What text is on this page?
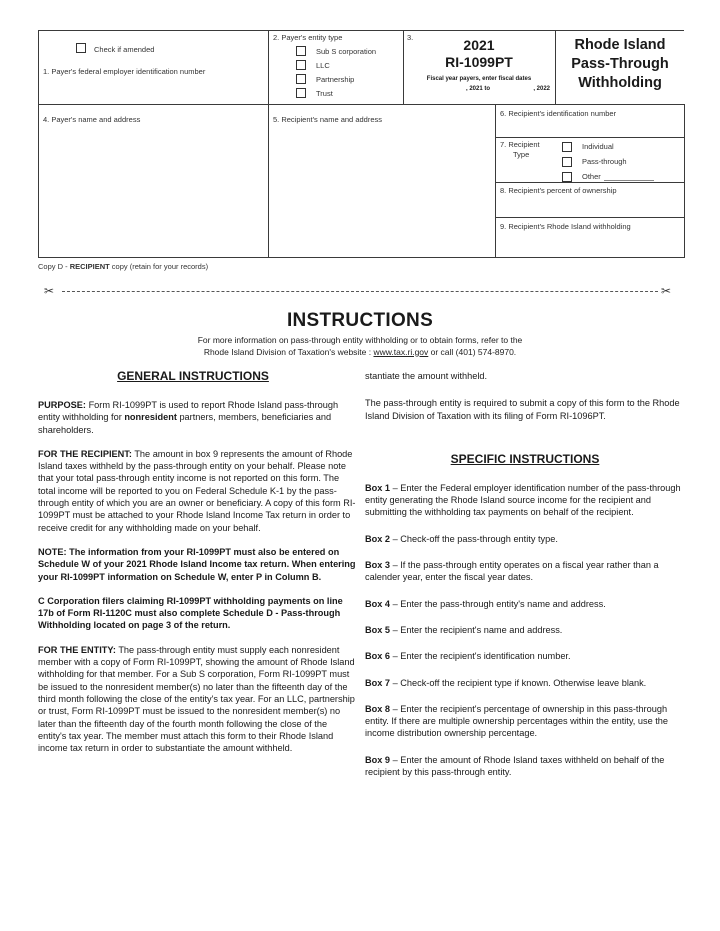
Check if amended
1. Payer's federal employer identification number
2. Payer's entity type
Sub S corporation
LLC
Partnership
Trust
3.	2021
RI-1099PT
Fiscal year payers, enter fiscal dates
, 2021 to	, 2022
Rhode Island
Pass-Through
Withholding
4. Payer's name and address	5. Recipient's name and address
6. Recipient's identification number
7. Recipient
Type
Individual
Pass-through
Other
8. Recipient's percent of ownership
9. Recipient's Rhode Island withholding
Copy D - RECIPIENT copy (retain for your records)
✂	✂
INSTRUCTIONS
For more information on pass-through entity withholding or to obtain forms, refer to the
Rhode Island Division of Taxation's website : www.tax.ri.gov or call (401) 574-8970.
GENERAL INSTRUCTIONS
PURPOSE: Form RI-1099PT is used to report Rhode Island pass-through entity withholding for nonresident partners, members, beneficiaries and shareholders.
FOR THE RECIPIENT: The amount in box 9 represents the amount of Rhode Island taxes withheld by the pass-through entity on your behalf. Please note that your total pass-through entity income is not reported on this form. The total income will be reported to you on Federal Schedule K-1 by the pass-through entity of which you are an owner or beneficiary. A copy of this form RI-1099PT must be attached to your Rhode Island Income Tax return in order to receive credit for any withholding made on your behalf.
NOTE: The information from your RI-1099PT must also be entered on Schedule W of your 2021 Rhode Island Income tax return. When entering your RI-1099PT information on Schedule W, enter P in Column B.
C Corporation filers claiming RI-1099PT withholding payments on line 17b of Form RI-1120C must also complete Schedule D - Pass-through Withholding located on page 3 of the return.
FOR THE ENTITY: The pass-through entity must supply each nonresident member with a copy of Form RI-1099PT, showing the amount of Rhode Island withholding for that member. For a Sub S corporation, Form RI-1099PT must be issued to the nonresident member(s) no later than the fifteenth day of the third month following the close of the entity's tax year. For an LLC, partnership or trust, Form RI-1099PT must be issued to the nonresident member(s) no later than the fifteenth day of the fourth month following the close of the entity's tax year. The member must attach this form to their Rhode Island income tax return in order to substantiate the amount withheld.
stantiate the amount withheld.
The pass-through entity is required to submit a copy of this form to the Rhode Island Division of Taxation with its filing of Form RI-1096PT.
SPECIFIC INSTRUCTIONS
Box 1 – Enter the Federal employer identification number of the pass-through entity generating the Rhode Island source income for the recipient and submitting the withholding tax payments on behalf of the recipient.
Box 2 – Check-off the pass-through entity type.
Box 3 – If the pass-through entity operates on a fiscal year rather than a calender year, enter the fiscal year dates.
Box 4 – Enter the pass-through entity's name and address.
Box 5 – Enter the recipient's name and address.
Box 6 – Enter the recipient's identification number.
Box 7 – Check-off the recipient type if known. Otherwise leave blank.
Box 8 – Enter the recipient's percentage of ownership in this pass-through entity. If there are multiple ownership percentages within the entity, use the income distribution ownership percentage.
Box 9 – Enter the amount of Rhode Island taxes withheld on behalf of the recipient by this pass-through entity.
